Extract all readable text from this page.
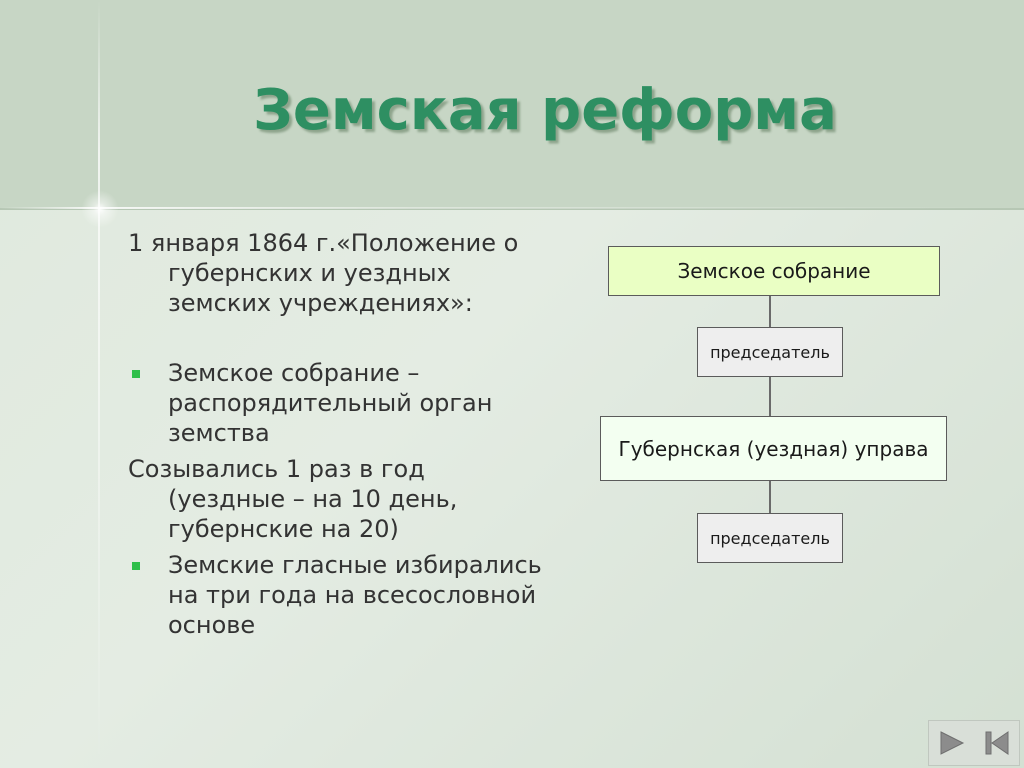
Земская реформа

1 января 1864 г.«Положение о губернских и уездных земских учреждениях»:

Земское собрание – распорядительный орган земства

Созывались 1 раз в год (уездные – на 10 день, губернские на 20)

Земские гласные избирались на три года на всесословной основе
Земское собрание
председатель
Губернская (уездная) управа
председатель
